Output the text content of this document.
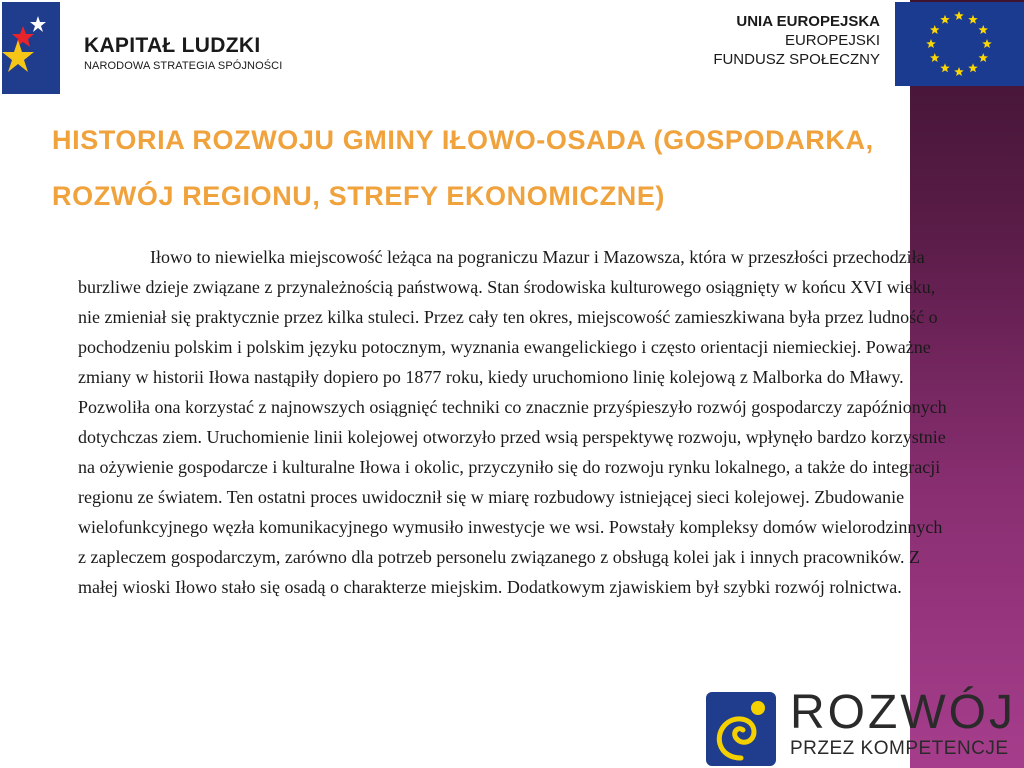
KAPITAŁ LUDZKI
NARODOWA STRATEGIA SPÓJNOŚCI
UNIA EUROPEJSKA
EUROPEJSKI
FUNDUSZ SPOŁECZNY
HISTORIA ROZWOJU GMINY IŁOWO-OSADA (GOSPODARKA,
ROZWÓJ REGIONU, STREFY EKONOMICZNE)

Iłowo to niewielka miejscowość leżąca na pograniczu Mazur i Mazowsza, która w przeszłości przechodziła burzliwe dzieje związane z przynależnością państwową. Stan środowiska kulturowego osiągnięty w końcu XVI wieku, nie zmieniał się praktycznie przez kilka stuleci. Przez cały ten okres, miejscowość zamieszkiwana była przez ludność o pochodzeniu polskim i polskim języku potocznym, wyznania ewangelickiego i często orientacji niemieckiej. Poważne zmiany w historii Iłowa nastąpiły dopiero po 1877 roku, kiedy uruchomiono linię kolejową z Malborka do Mławy. Pozwoliła ona korzystać z najnowszych osiągnięć techniki co znacznie przyśpieszyło rozwój gospodarczy zapóźnionych dotychczas ziem. Uruchomienie linii kolejowej otworzyło przed wsią perspektywę rozwoju, wpłynęło bardzo korzystnie na ożywienie gospodarcze i kulturalne Iłowa i okolic, przyczyniło się do rozwoju rynku lokalnego, a także do integracji regionu ze światem. Ten ostatni proces uwidocznił się w miarę rozbudowy istniejącej sieci kolejowej. Zbudowanie wielofunkcyjnego węzła komunikacyjnego wymusiło inwestycje we wsi. Powstały kompleksy domów wielorodzinnych z zapleczem gospodarczym, zarówno dla potrzeb personelu związanego z obsługą kolei jak i innych pracowników. Z małej wioski Iłowo stało się osadą o charakterze miejskim. Dodatkowym zjawiskiem był szybki rozwój rolnictwa.

ROZWÓJ
PRZEZ KOMPETENCJE
